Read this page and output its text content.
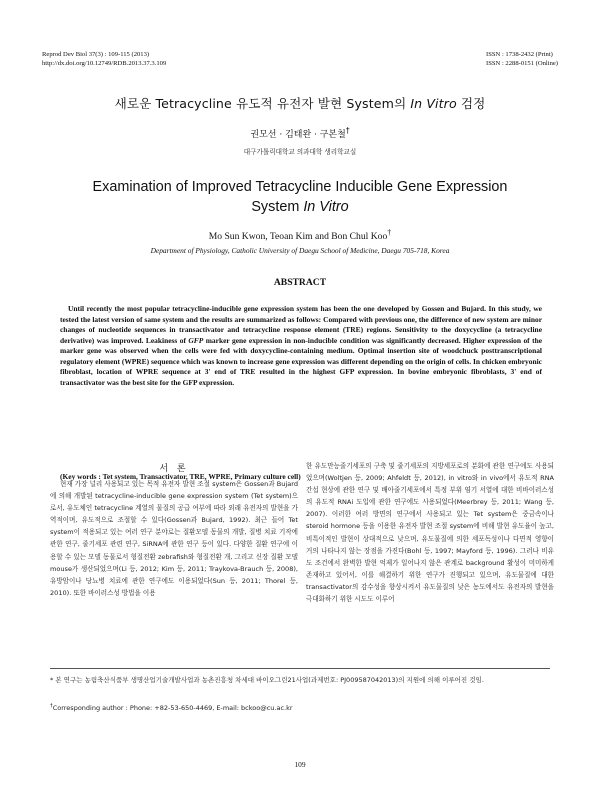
Reprod Dev Biol 37(3) : 109-115 (2013)
http://dx.doi.org/10.12749/RDB.2013.37.3.109
ISSN : 1738-2432 (Print)
ISSN : 2288-0151 (Online)
새로운 Tetracycline 유도적 유전자 발현 System의 In Vitro 검정
권모선 · 김태완 · 구본철†
대구가톨릭대학교 의과대학 생리학교실
Examination of Improved Tetracycline Inducible Gene Expression
System In Vitro
Mo Sun Kwon, Teoan Kim and Bon Chul Koo†
Department of Physiology, Catholic University of Daegu School of Medicine, Daegu 705-718, Korea
ABSTRACT
Until recently the most popular tetracycline-inducible gene expression system has been the one developed by Gossen and Bujard. In this study, we tested the latest version of same system and the results are summarized as follows: Compared with previous one, the difference of new system are minor changes of nucleotide sequences in transactivator and tetracycline response element (TRE) regions. Sensitivity to the doxycycline (a tetracycline derivative) was improved. Leakiness of GFP marker gene expression in non-inducible condition was significantly decreased. Higher expression of the marker gene was observed when the cells were fed with doxycycline-containing medium. Optimal insertion site of woodchuck posttranscriptional regulatory element (WPRE) sequence which was known to increase gene expression was different depending on the origin of cells. In chicken embryonic fibroblast, location of WPRE sequence at 3' end of TRE resulted in the highest GFP expression. In bovine embryonic fibroblasts, 3' end of transactivator was the best site for the GFP expression.
(Key words : Tet system, Transactivator, TRE, WPRE, Primary culture cell)
서 론

현재 가장 널리 사용되고 있는 목적 유전자 발현 조절 system은 Gossen과 Bujard에 의해 개발된 tetracycline-inducible gene expression system (Tet system)으로서, 유도체인 tetracycline 계열의 물질의 공급 여부에 따라 외래 유전자의 발현을 가역적이며, 유도적으로 조절할 수 있다(Gossen과 Bujard, 1992). 최근 들어 Tet system이 적용되고 있는 여러 연구 분야로는 질환모델 동물의 개발, 질병 치료 기작에 관한 연구, 줄기세포 관련 연구, SiRNA에 관한 연구 등이 있다. 다양한 질환 연구에 이용할 수 있는 모델 동물로서 형질전환 zebrafish와 형질전환 개, 그리고 신장 질환 모델 mouse가 생산되었으며(Li 등, 2012; Kim 등, 2011; Traykova-Brauch 등, 2008), 유방암이나 당뇨병 치료에 관한 연구에도 이용되었다(Sun 등, 2011; Thorel 등, 2010). 또한 바이러스성 방법을 이용

한 유도만능줄기세포의 구축 및 줄기세포의 지방세포로의 분화에 관한 연구에도 사용되었으며(Woltjen 등, 2009; Ahfeldt 등, 2012), in vitro와 in vivo에서 유도적 RNA 간섭 현상에 관한 연구 및 배아줄기세포에서 특정 부위 염기 서열에 대한 비바이러스성의 유도적 RNAi 도입에 관한 연구에도 사용되었다(Meerbrey 등, 2011; Wang 등, 2007). 이러한 여러 방면의 연구에서 사용되고 있는 Tet system은 중금속이나 steroid hormone 등을 이용한 유전자 발현 조절 system에 비해 발현 유도율이 높고, 비특이적인 발현이 상대적으로 낮으며, 유도물질에 의한 세포독성이나 다면적 영향이 거의 나타나지 않는 장점을 가진다(Bohl 등, 1997; Mayford 등, 1996). 그러나 비유도 조건에서 완벽한 발현 억제가 일어나지 않은 관계로 background 활성이 미미하게 존재하고 있어서, 이를 해결하기 위한 연구가 진행되고 있으며, 유도물질에 대한 transactivator의 감수성을 향상시켜서 유도물질의 낮은 농도에서도 유전자의 발현을 극대화하기 위한 시도도 이루어

* 본 연구는 농림축산식품부 생명산업기술개발사업과 농촌진흥청 차세대 바이오그린21사업(과제번호: PJ009587042013)의 지원에 의해 이루어진 것임.
†Corresponding author : Phone: +82-53-650-4469, E-mail: bckoo@cu.ac.kr
109
